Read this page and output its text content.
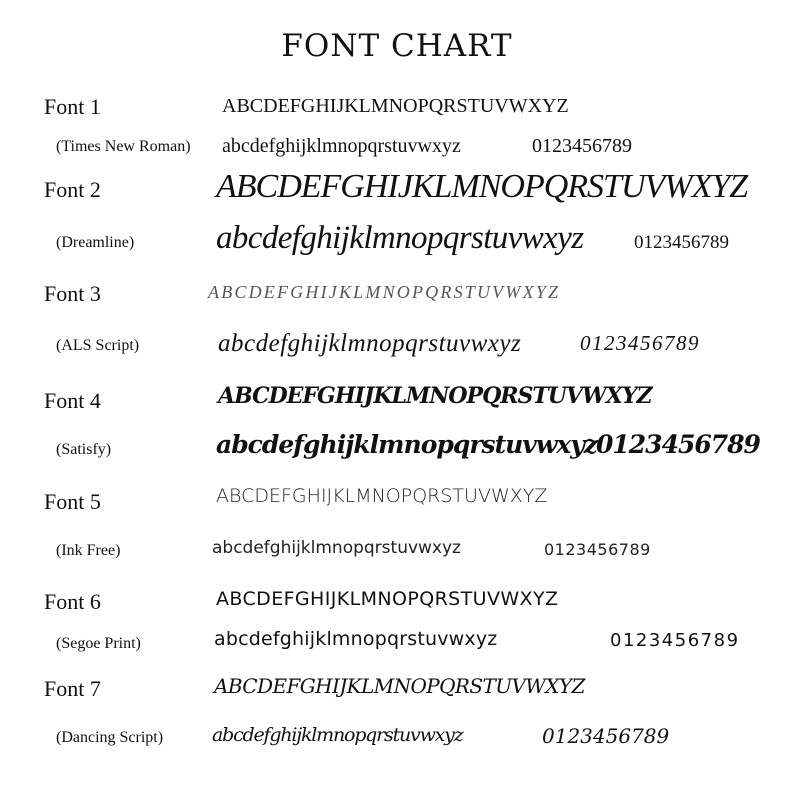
FONT CHART
Font 1	ABCDEFGHIJKLMNOPQRSTUVWXYZ
(Times New Roman) abcdefghijklmnopqrstuvwxyz	0123456789
Font 2	ABCDEFGHIJKLMNOPQRSTUVWXYZ
(Dreamline) abcdefghijklmnopqrstuvwxyz	0123456789
Font 3	ABCDEFGHIJKLMNOPQRSTUVWXYZ
(ALS Script)	abcdefghijklmnopqrstuvwxyz	0123456789
Font 4	ABCDEFGHIJKLMNOPQRSTUVWXYZ
(Satisfy)	abcdefghijklmnopqrstuvwxyz 0123456789
Font 5	ABCDEFGHIJKLMNOPQRSTUVWXYZ
(Ink Free)	abcdefghijklmnopqrstuvwxyz	0123456789
Font 6	ABCDEFGHIJKLMNOPQRSTUVWXYZ
(Segoe Print)	abcdefghijklmnopqrstuvwxyz	0123456789
Font 7	ABCDEFGHIJKLMNOPQRSTUVWXYZ
(Dancing Script)	abcdefghijklmnopqrstuvwxyz	0123456789
